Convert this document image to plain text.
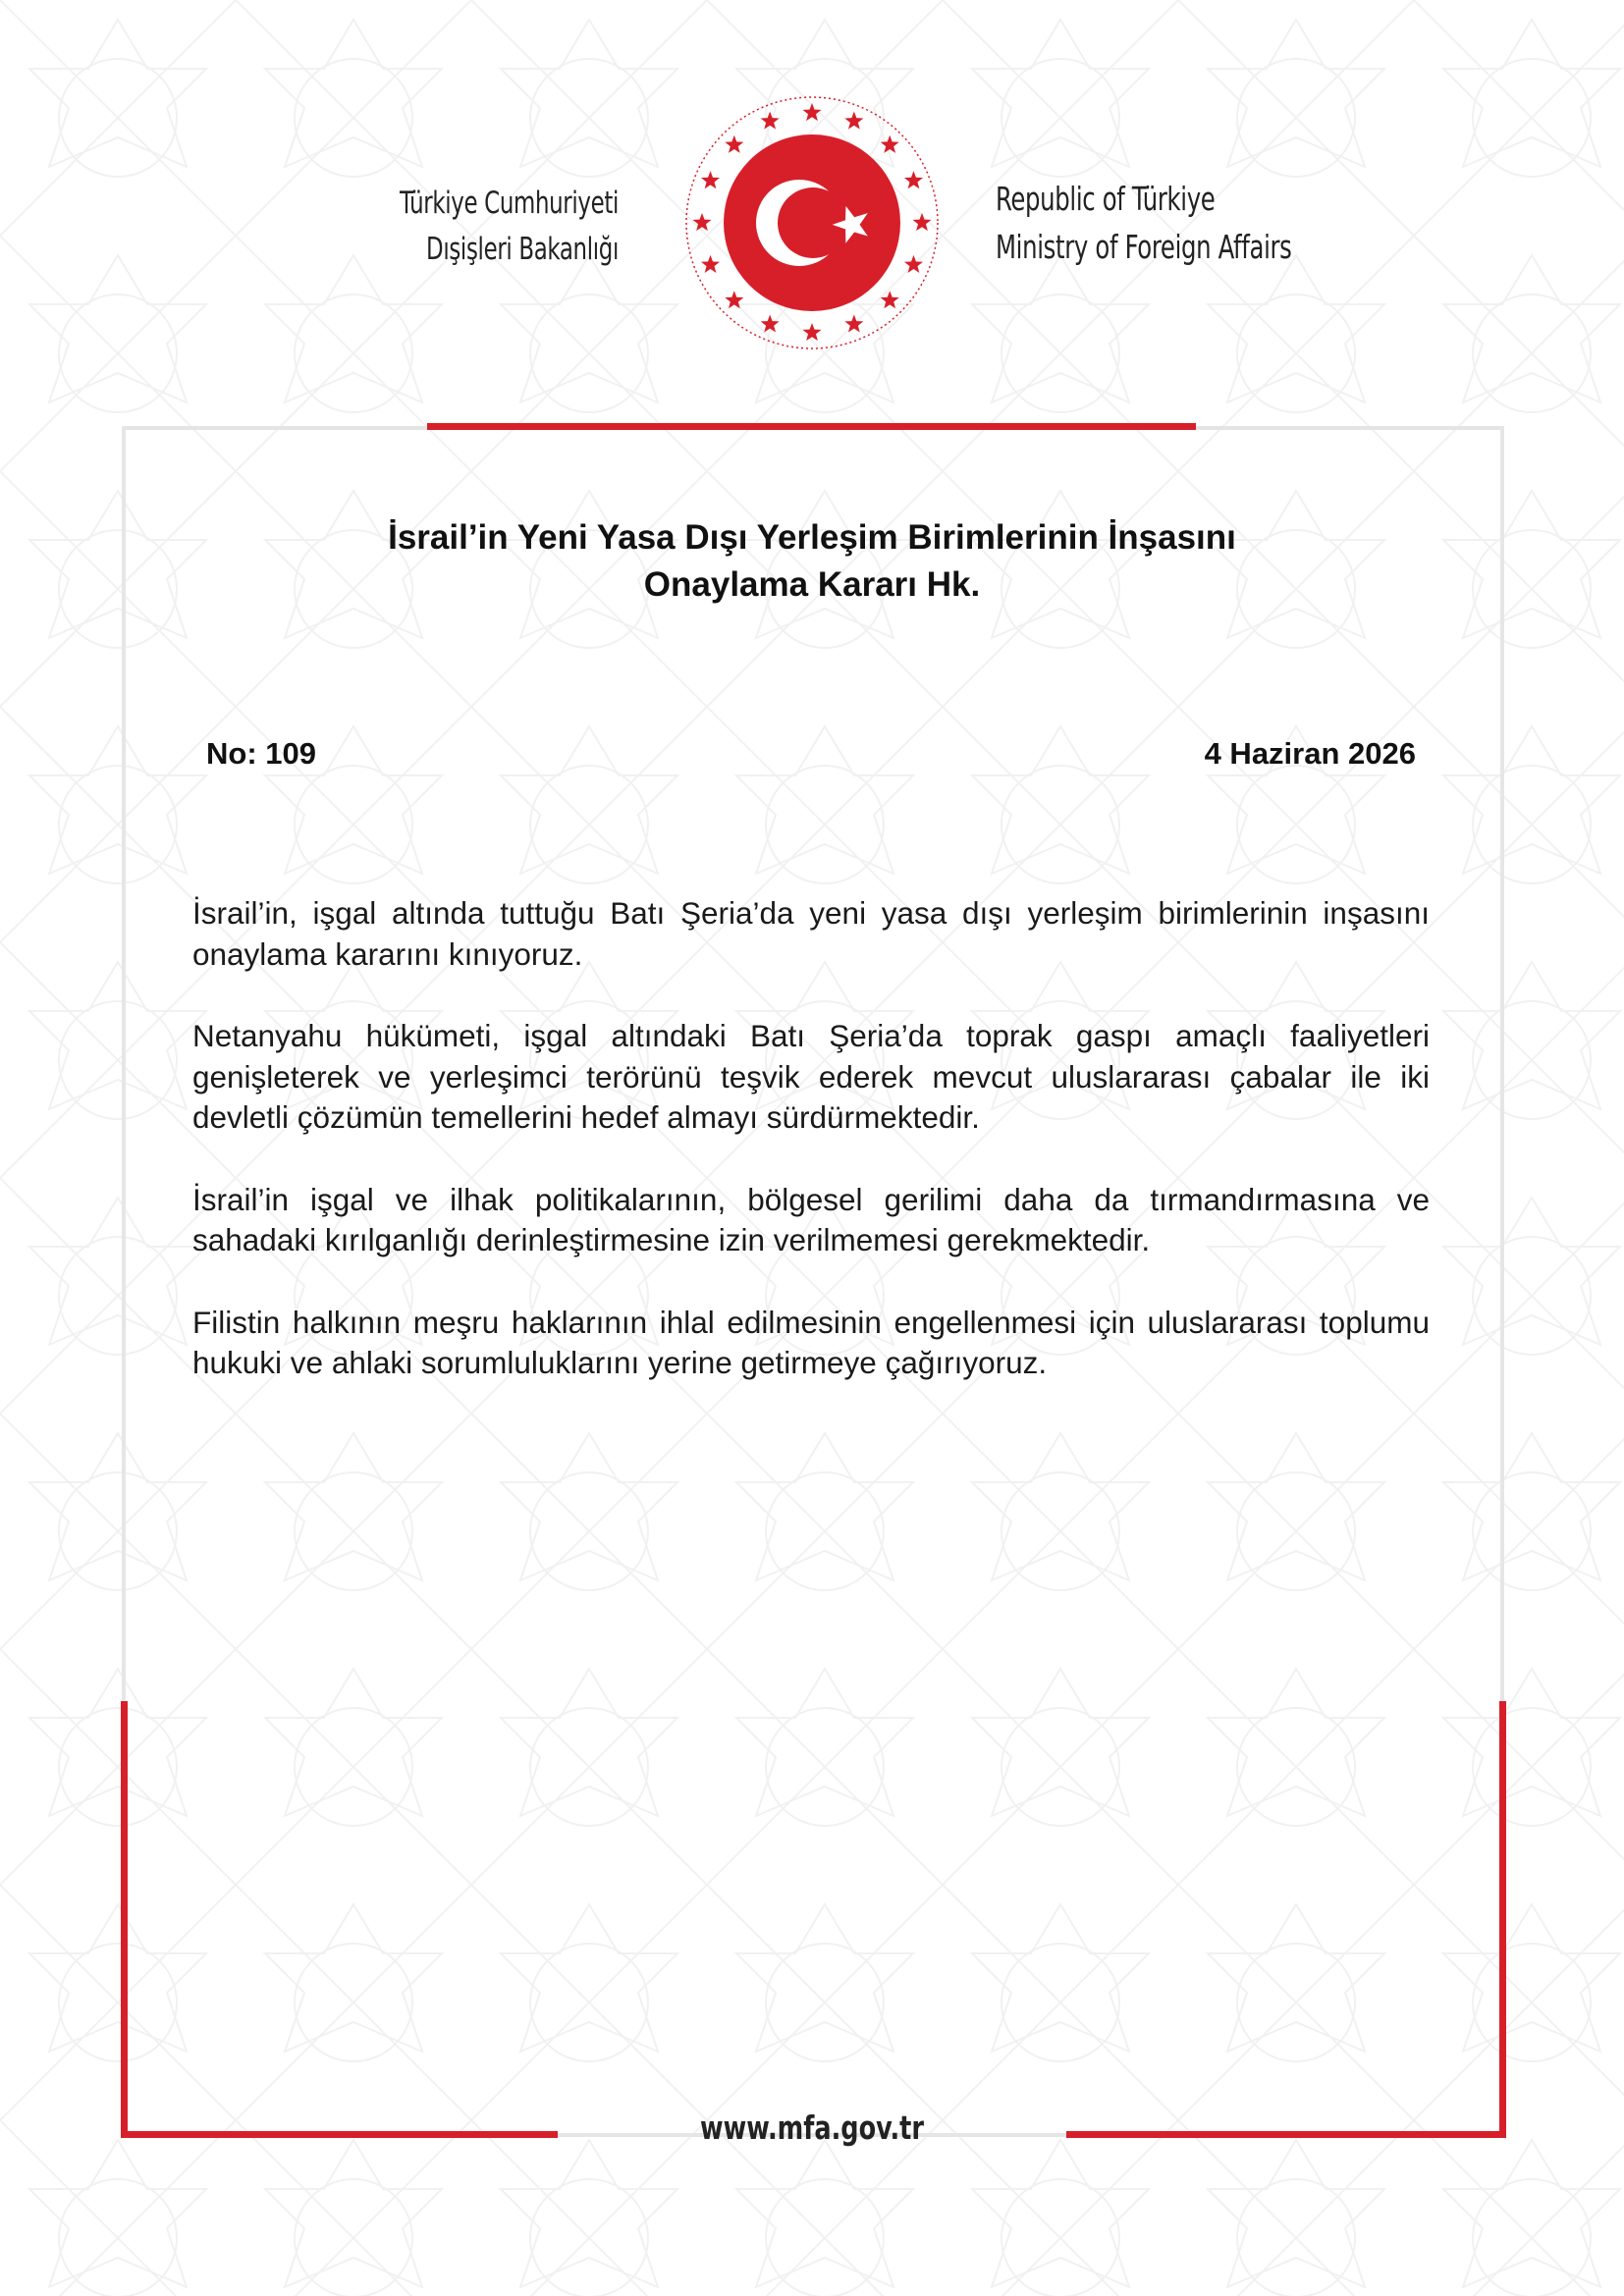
Türkiye Cumhuriyeti
Dışişleri Bakanlığı
Republic of Türkiye
Ministry of Foreign Affairs
İsrail’in Yeni Yasa Dışı Yerleşim Birimlerinin İnşasını
Onaylama Kararı Hk.
No: 109	4 Haziran 2026

İsrail’in, işgal altında tuttuğu Batı Şeria’da yeni yasa dışı yerleşim birimlerinin inşasını onaylama kararını kınıyoruz.

Netanyahu hükümeti, işgal altındaki Batı Şeria’da toprak gaspı amaçlı faaliyetleri genişleterek ve yerleşimci terörünü teşvik ederek mevcut uluslararası çabalar ile iki devletli çözümün temellerini hedef almayı sürdürmektedir.

İsrail’in işgal ve ilhak politikalarının, bölgesel gerilimi daha da tırmandırmasına ve sahadaki kırılganlığı derinleştirmesine izin verilmemesi gerekmektedir.

Filistin halkının meşru haklarının ihlal edilmesinin engellenmesi için uluslararası toplumu hukuki ve ahlaki sorumluluklarını yerine getirmeye çağırıyoruz.

www.mfa.gov.tr
